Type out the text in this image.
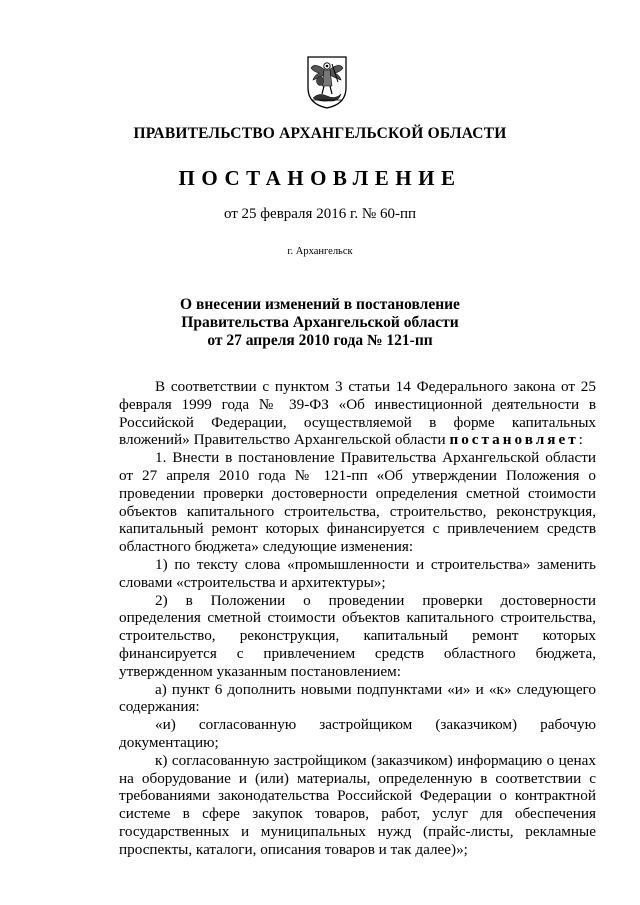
ПРАВИТЕЛЬСТВО АРХАНГЕЛЬСКОЙ ОБЛАСТИ
ПОСТАНОВЛЕНИЕ
от 25 февраля 2016 г. № 60-пп
г. Архангельск
О внесении изменений в постановление
Правительства Архангельской области
от 27 апреля 2010 года № 121-пп
В соответствии с пунктом 3 статьи 14 Федерального закона от 25 февраля 1999 года № 39-ФЗ «Об инвестиционной деятельности в Российской Федерации, осуществляемой в форме капитальных вложений» Правительство Архангельской области постановляет:
1. Внести в постановление Правительства Архангельской области от 27 апреля 2010 года № 121-пп «Об утверждении Положения о проведении проверки достоверности определения сметной стоимости объектов капитального строительства, строительство, реконструкция, капитальный ремонт которых финансируется с привлечением средств областного бюджета» следующие изменения:
1) по тексту слова «промышленности и строительства» заменить словами «строительства и архитектуры»;
2) в Положении о проведении проверки достоверности определения сметной стоимости объектов капитального строительства, строительство, реконструкция, капитальный ремонт которых финансируется с привлечением средств областного бюджета, утвержденном указанным постановлением:
а) пункт 6 дополнить новыми подпунктами «и» и «к» следующего содержания:
«и) согласованную застройщиком (заказчиком) рабочую документацию;
к) согласованную застройщиком (заказчиком) информацию о ценах на оборудование и (или) материалы, определенную в соответствии с требованиями законодательства Российской Федерации о контрактной системе в сфере закупок товаров, работ, услуг для обеспечения государственных и муниципальных нужд (прайс-листы, рекламные проспекты, каталоги, описания товаров и так далее)»;
